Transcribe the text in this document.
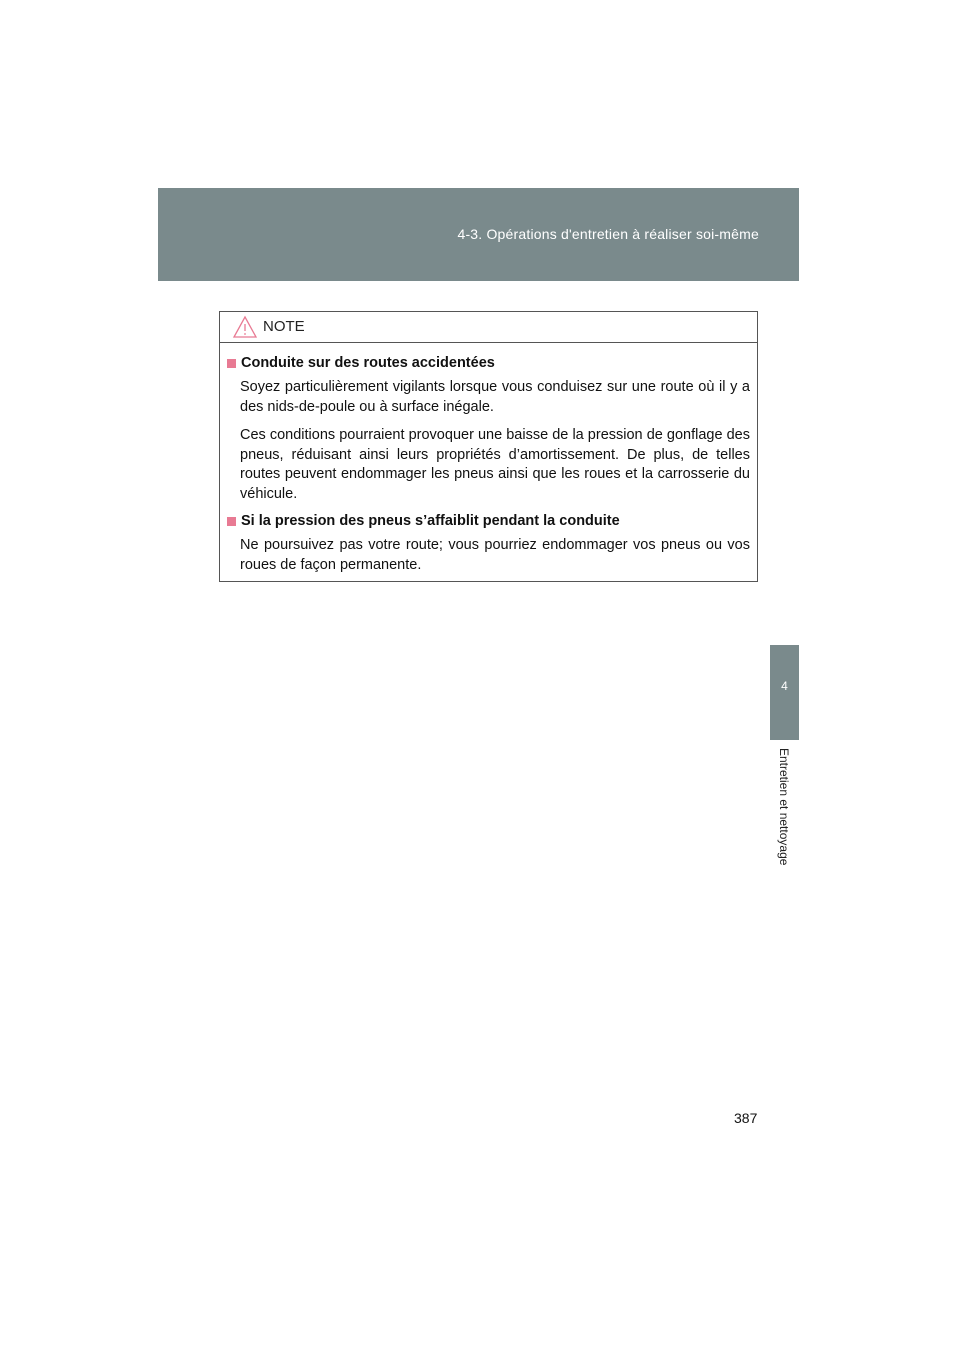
4-3. Opérations d'entretien à réaliser soi-même
4
Entretien et nettoyage
NOTE
Conduite sur des routes accidentées

Soyez particulièrement vigilants lorsque vous conduisez sur une route où il y a des nids-de-poule ou à surface inégale.

Ces conditions pourraient provoquer une baisse de la pression de gonflage des pneus, réduisant ainsi leurs propriétés d’amortissement. De plus, de telles routes peuvent endommager les pneus ainsi que les roues et la carrosserie du véhicule.

Si la pression des pneus s’affaiblit pendant la conduite

Ne poursuivez pas votre route; vous pourriez endommager vos pneus ou vos roues de façon permanente.

387
